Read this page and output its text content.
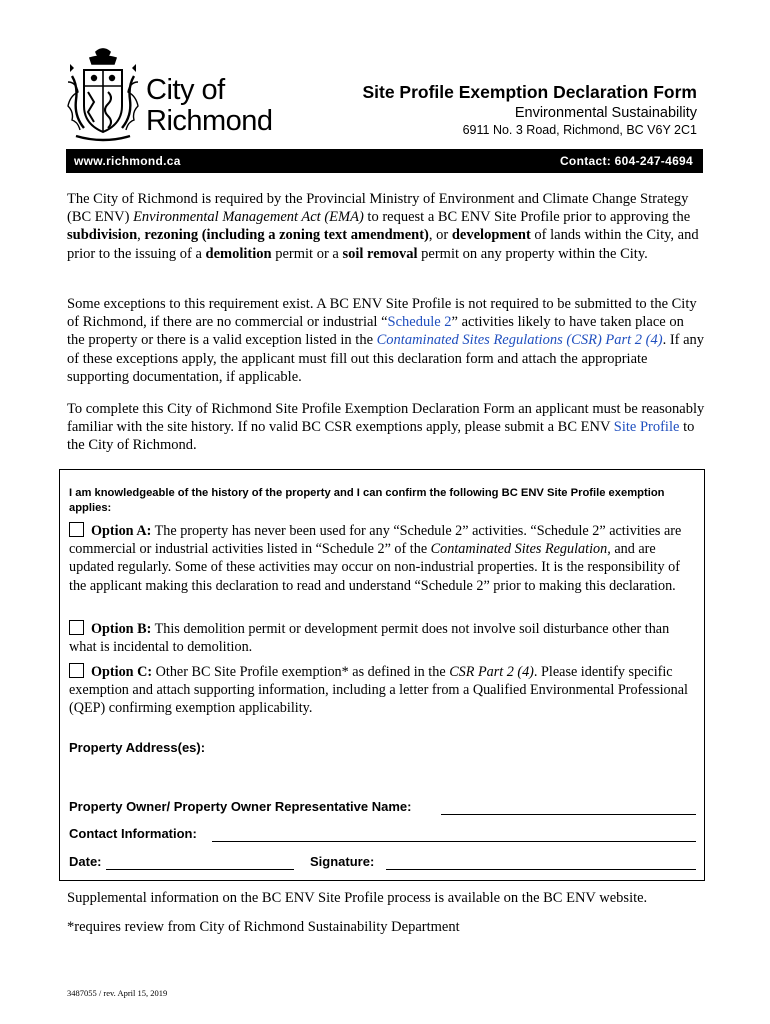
City of
Richmond
Site Profile Exemption Declaration Form
Environmental Sustainability
6911 No. 3 Road, Richmond, BC V6Y 2C1
www.richmond.ca	Contact: 604-247-4694

The City of Richmond is required by the Provincial Ministry of Environment and Climate Change Strategy (BC ENV) Environmental Management Act (EMA) to request a BC ENV Site Profile prior to approving the subdivision, rezoning (including a zoning text amendment), or development of lands within the City, and prior to the issuing of a demolition permit or a soil removal permit on any property within the City.

Some exceptions to this requirement exist. A BC ENV Site Profile is not required to be submitted to the City of Richmond, if there are no commercial or industrial “Schedule 2” activities likely to have taken place on the property or there is a valid exception listed in the Contaminated Sites Regulations (CSR) Part 2 (4). If any of these exceptions apply, the applicant must fill out this declaration form and attach the appropriate supporting documentation, if applicable.

To complete this City of Richmond Site Profile Exemption Declaration Form an applicant must be reasonably familiar with the site history. If no valid BC CSR exemptions apply, please submit a BC ENV Site Profile to the City of Richmond.

I am knowledgeable of the history of the property and I can confirm the following BC ENV Site Profile exemption applies:
Option A: The property has never been used for any “Schedule 2” activities. “Schedule 2” activities are commercial or industrial activities listed in “Schedule 2” of the Contaminated Sites Regulation, and are updated regularly. Some of these activities may occur on non-industrial properties. It is the responsibility of the applicant making this declaration to read and understand “Schedule 2” prior to making this declaration.
Option B: This demolition permit or development permit does not involve soil disturbance other than what is incidental to demolition.
Option C: Other BC Site Profile exemption* as defined in the CSR Part 2 (4). Please identify specific exemption and attach supporting information, including a letter from a Qualified Environmental Professional (QEP) confirming exemption applicability.
Property Address(es):
Property Owner/ Property Owner Representative Name:
Contact Information:
Date:	Signature:
Supplemental information on the BC ENV Site Profile process is available on the BC ENV website.
*requires review from City of Richmond Sustainability Department
3487055 / rev. April 15, 2019
